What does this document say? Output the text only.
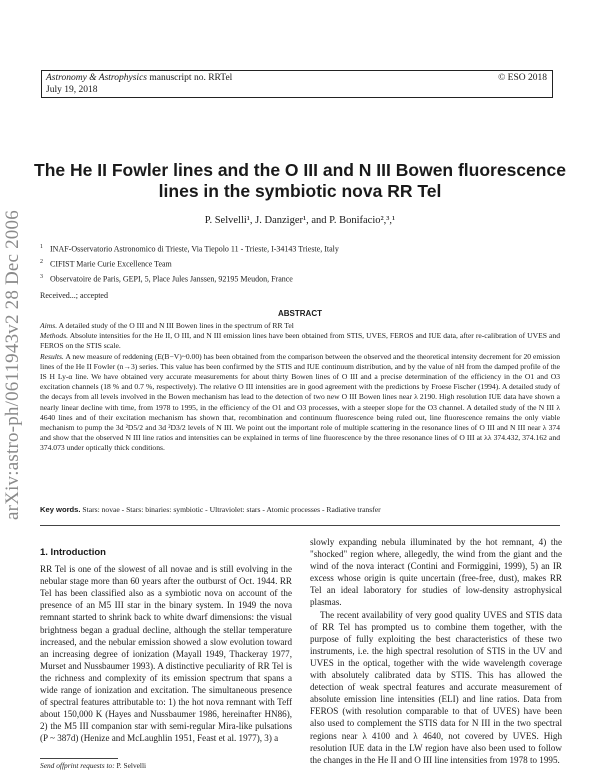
arXiv:astro-ph/0611943v2 28 Dec 2006
Astronomy & Astrophysics manuscript no. RRTel
July 19, 2018
© ESO 2018
The He II Fowler lines and the O III and N III Bowen fluorescence
lines in the symbiotic nova RR Tel
P. Selvelli¹, J. Danziger¹, and P. Bonifacio²,³,¹
$^1$ INAF-Osservatorio Astronomico di Trieste, Via Tiepolo 11 - Trieste, I-34143 Trieste, Italy
$^2$ CIFIST Marie Curie Excellence Team
$^3$ Observatoire de Paris, GEPI, 5, Place Jules Janssen, 92195 Meudon, France
Received...; accepted
ABSTRACT

Aims. A detailed study of the O III and N III Bowen lines in the spectrum of RR Tel

Methods. Absolute intensities for the He II, O III, and N III emission lines have been obtained from STIS, UVES, FEROS and IUE data, after re-calibration of UVES and FEROS on the STIS scale.

Results. A new measure of reddening (E(B−V)~0.00) has been obtained from the comparison between the observed and the theoretical intensity decrement for 20 emission lines of the He II Fowler (n→3) series. This value has been confirmed by the STIS and IUE continuum distribution, and by the value of nH from the damped profile of the IS H Ly-α line. We have obtained very accurate measurements for about thirty Bowen lines of O III and a precise determination of the efficiency in the O1 and O3 excitation channels (18 % and 0.7 %, respectively). The relative O III intensities are in good agreement with the predictions by Froese Fischer (1994). A detailed study of the decays from all levels involved in the Bowen mechanism has lead to the detection of two new O III Bowen lines near λ 2190. High resolution IUE data have shown a nearly linear decline with time, from 1978 to 1995, in the efficiency of the O1 and O3 processes, with a steeper slope for the O3 channel. A detailed study of the N III λ 4640 lines and of their excitation mechanism has shown that, recombination and continuum fluorescence being ruled out, line fluorescence remains the only viable mechanism to pump the 3d ²D5/2 and 3d ²D3/2 levels of N III. We point out the important role of multiple scattering in the resonance lines of O III and N III near λ 374 and show that the observed N III line ratios and intensities can be explained in terms of line fluorescence by the three resonance lines of O III at λλ 374.432, 374.162 and 374.073 under optically thick conditions.

Key words. Stars: novae - Stars: binaries: symbiotic - Ultraviolet: stars - Atomic processes - Radiative transfer

1. Introduction

RR Tel is one of the slowest of all novae and is still evolving in the nebular stage more than 60 years after the outburst of Oct. 1944. RR Tel has been classified also as a symbiotic nova on account of the presence of an M5 III star in the binary system. In 1949 the nova remnant started to shrink back to white dwarf dimensions: the visual brightness began a gradual decline, although the stellar temperature increased, and the nebular emission showed a slow evolution toward an increasing degree of ionization (Mayall 1949, Thackeray 1977, Murset and Nussbaumer 1993). A distinctive peculiarity of RR Tel is the richness and complexity of its emission spectrum that spans a wide range of ionization and excitation. The simultaneous presence of spectral features attributable to: 1) the hot nova remnant with Teff about 150,000 K (Hayes and Nussbaumer 1986, hereinafter HN86), 2) the M5 III companion star with semi-regular Mira-like pulsations (P ~ 387d) (Henize and McLaughlin 1951, Feast et al. 1977), 3) a

slowly expanding nebula illuminated by the hot remnant, 4) the "shocked" region where, allegedly, the wind from the giant and the wind of the nova interact (Contini and Formiggini, 1999), 5) an IR excess whose origin is quite uncertain (free-free, dust), makes RR Tel an ideal laboratory for studies of low-density astrophysical plasmas.

The recent availability of very good quality UVES and STIS data of RR Tel has prompted us to combine them together, with the purpose of fully exploiting the best characteristics of these two instruments, i.e. the high spectral resolution of STIS in the UV and UVES in the optical, together with the wide wavelength coverage with absolutely calibrated data by STIS. This has allowed the detection of weak spectral features and accurate measurement of absolute emission line intensities (ELI) and line ratios. Data from FEROS (with resolution comparable to that of UVES) have been also used to complement the STIS data for N III in the two spectral regions near λ 4100 and λ 4640, not covered by UVES. High resolution IUE data in the LW region have also been used to follow the changes in the He II and O III line intensities from 1978 to 1995.

Send offprint requests to: P. Selvelli
